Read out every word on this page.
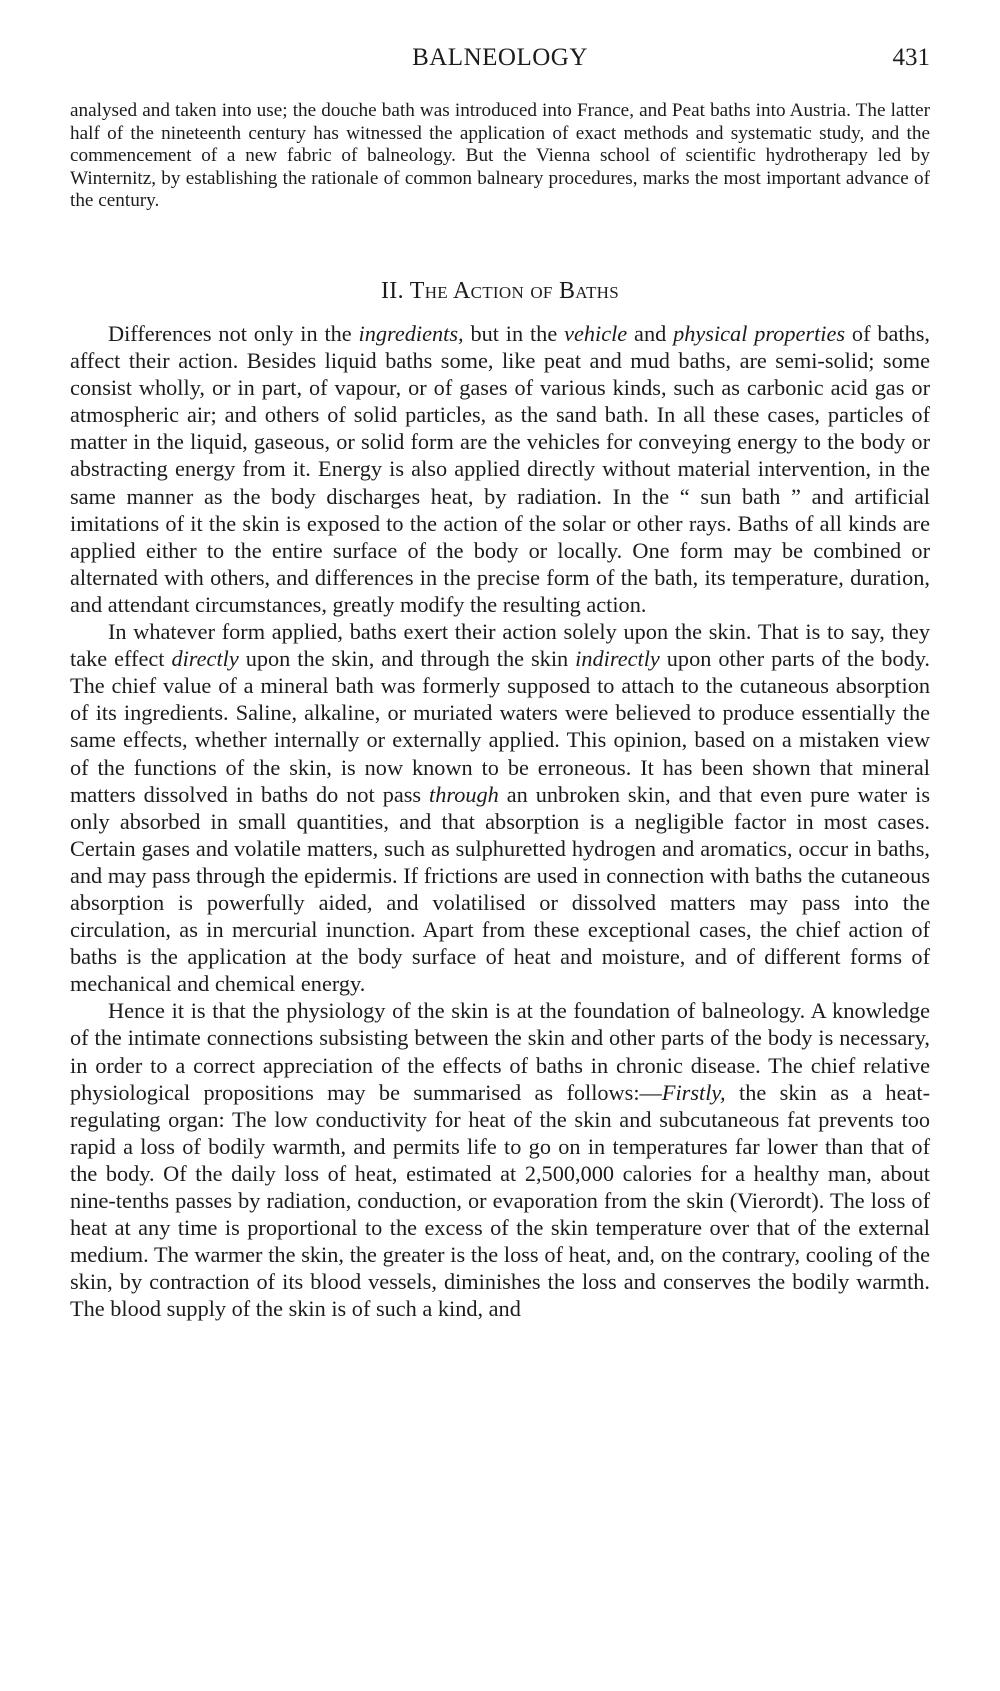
BALNEOLOGY	431
analysed and taken into use; the douche bath was introduced into France, and Peat baths into Austria. The latter half of the nineteenth century has witnessed the application of exact methods and systematic study, and the commencement of a new fabric of balneology. But the Vienna school of scientific hydrotherapy led by Winternitz, by establishing the rationale of common balneary procedures, marks the most important advance of the century.
II. The Action of Baths

Differences not only in the ingredients, but in the vehicle and physical properties of baths, affect their action. Besides liquid baths some, like peat and mud baths, are semi-solid; some consist wholly, or in part, of vapour, or of gases of various kinds, such as carbonic acid gas or atmospheric air; and others of solid particles, as the sand bath. In all these cases, particles of matter in the liquid, gaseous, or solid form are the vehicles for conveying energy to the body or abstracting energy from it. Energy is also applied directly without material intervention, in the same manner as the body discharges heat, by radiation. In the “ sun bath ” and artificial imitations of it the skin is exposed to the action of the solar or other rays. Baths of all kinds are applied either to the entire surface of the body or locally. One form may be combined or alternated with others, and differences in the precise form of the bath, its temperature, duration, and attendant circumstances, greatly modify the resulting action.

In whatever form applied, baths exert their action solely upon the skin. That is to say, they take effect directly upon the skin, and through the skin indirectly upon other parts of the body. The chief value of a mineral bath was formerly supposed to attach to the cutaneous absorption of its ingredients. Saline, alkaline, or muriated waters were believed to produce essentially the same effects, whether internally or externally applied. This opinion, based on a mistaken view of the functions of the skin, is now known to be erroneous. It has been shown that mineral matters dissolved in baths do not pass through an unbroken skin, and that even pure water is only absorbed in small quantities, and that absorption is a negligible factor in most cases. Certain gases and volatile matters, such as sulphuretted hydrogen and aromatics, occur in baths, and may pass through the epidermis. If frictions are used in connection with baths the cutaneous absorption is powerfully aided, and volatilised or dissolved matters may pass into the circulation, as in mercurial inunction. Apart from these exceptional cases, the chief action of baths is the application at the body surface of heat and moisture, and of different forms of mechanical and chemical energy.

Hence it is that the physiology of the skin is at the foundation of balneology. A knowledge of the intimate connections subsisting between the skin and other parts of the body is necessary, in order to a correct appreciation of the effects of baths in chronic disease. The chief relative physiological propositions may be summarised as follows:—Firstly, the skin as a heat-regulating organ: The low conductivity for heat of the skin and subcutaneous fat prevents too rapid a loss of bodily warmth, and permits life to go on in temperatures far lower than that of the body. Of the daily loss of heat, estimated at 2,500,000 calories for a healthy man, about nine-tenths passes by radiation, conduction, or evaporation from the skin (Vierordt). The loss of heat at any time is proportional to the excess of the skin temperature over that of the external medium. The warmer the skin, the greater is the loss of heat, and, on the contrary, cooling of the skin, by contraction of its blood vessels, diminishes the loss and conserves the bodily warmth. The blood supply of the skin is of such a kind, and
